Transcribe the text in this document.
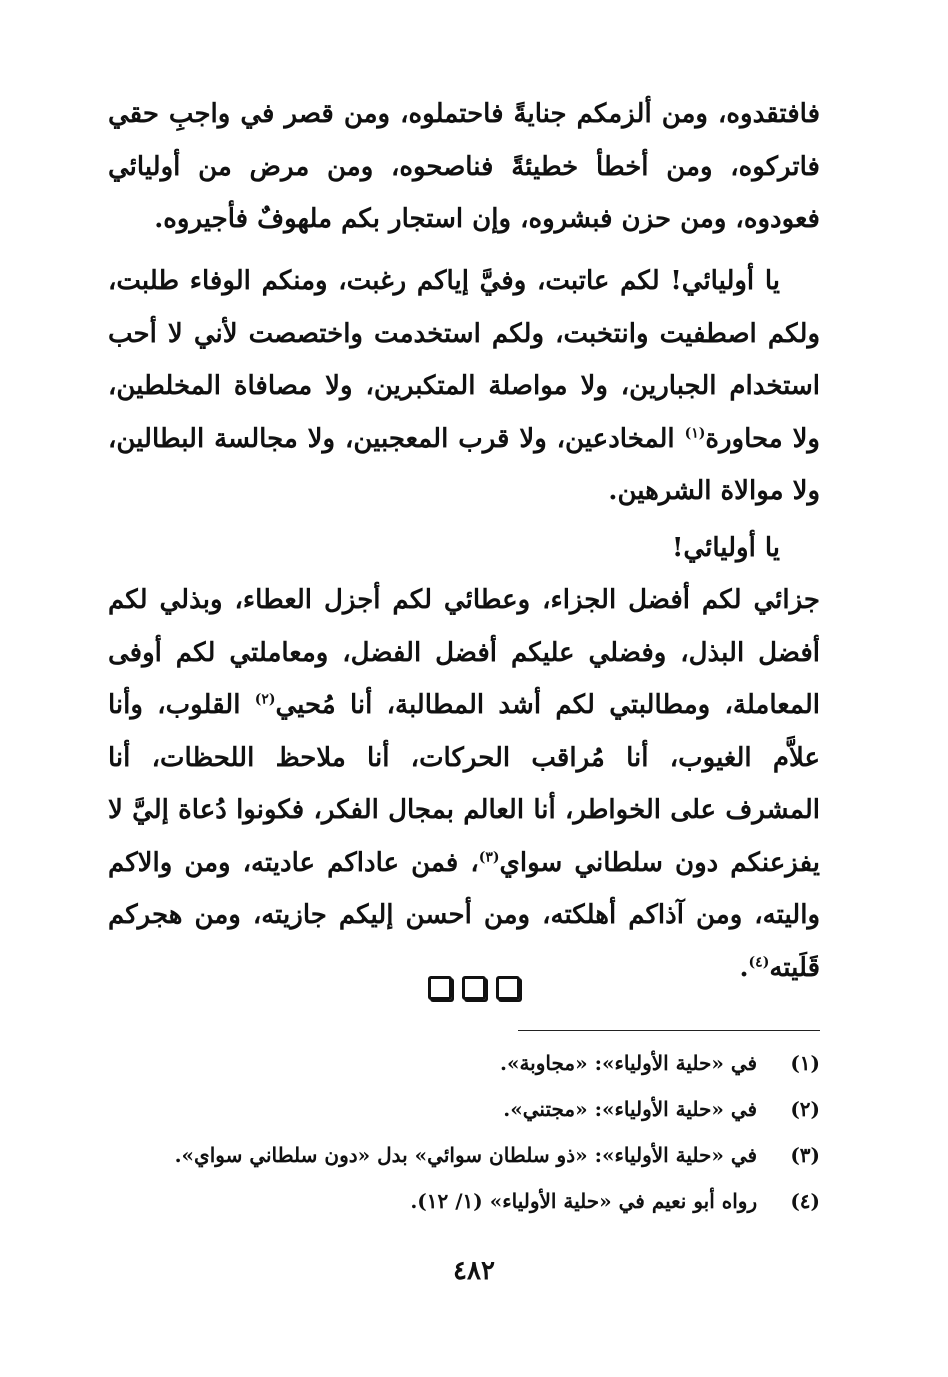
فافتقدوه، ومن ألزمكم جنايةً فاحتملوه، ومن قصر في واجبِ حقي فاتركوه، ومن أخطأ خطيئةً فناصحوه، ومن مرض من أوليائي فعودوه، ومن حزن فبشروه، وإن استجار بكم ملهوفٌ فأجيروه.

يا أوليائي! لكم عاتبت، وفيَّ إياكم رغبت، ومنكم الوفاء طلبت، ولكم اصطفيت وانتخبت، ولكم استخدمت واختصصت لأني لا أحب استخدام الجبارين، ولا مواصلة المتكبرين، ولا مصافاة المخلطين، ولا محاورة$^{(١)}$ المخادعين، ولا قرب المعجبين، ولا مجالسة البطالين، ولا موالاة الشرهين.

يا أوليائي!

جزائي لكم أفضل الجزاء، وعطائي لكم أجزل العطاء، وبذلي لكم أفضل البذل، وفضلي عليكم أفضل الفضل، ومعاملتي لكم أوفى المعاملة، ومطالبتي لكم أشد المطالبة، أنا مُحيي$^{(٢)}$ القلوب، وأنا علاَّم الغيوب، أنا مُراقب الحركات، أنا ملاحظ اللحظات، أنا المشرف على الخواطر، أنا العالم بمجال الفكر، فكونوا دُعاة إليَّ لا يفزعنكم دون سلطاني سواي$^{(٣)}$، فمن عاداكم عاديته، ومن والاكم واليته، ومن آذاكم أهلكته، ومن أحسن إليكم جازيته، ومن هجركم قَلَيته$^{(٤)}$.

(١)   في «حلية الأولياء»: «مجاوبة».
(٢)   في «حلية الأولياء»: «مجتني».
(٣)   في «حلية الأولياء»: «ذو سلطان سوائي» بدل «دون سلطاني سواي».
(٤)   رواه أبو نعيم في «حلية الأولياء» (١/ ١٢).
٤٨٢
